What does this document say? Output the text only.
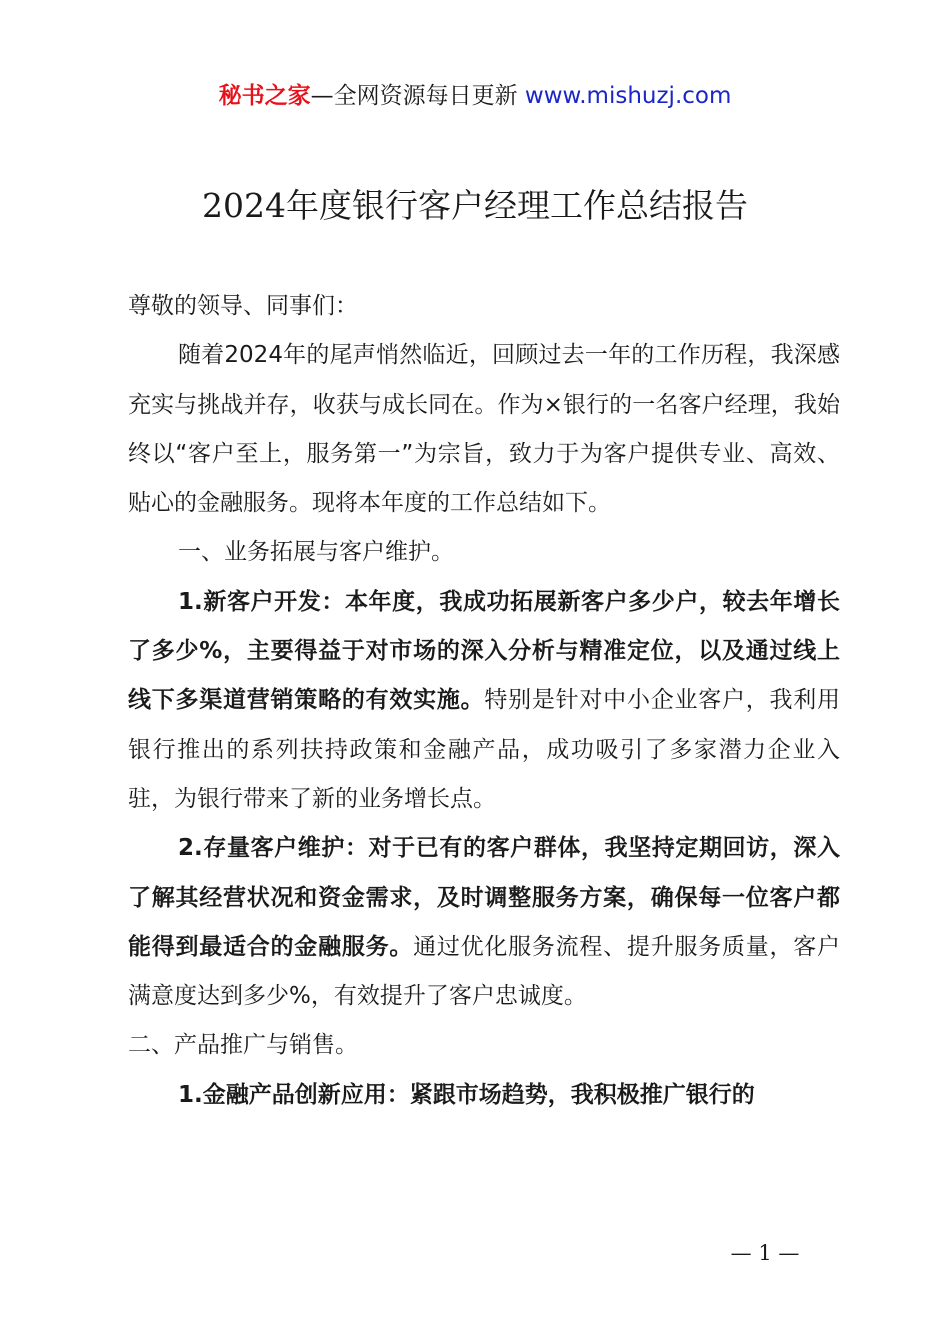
秘书之家—全网资源每日更新 www.mishuzj.com
2024年度银行客户经理工作总结报告

尊敬的领导、同事们：

随着2024年的尾声悄然临近，回顾过去一年的工作历程，我深感充实与挑战并存，收获与成长同在。作为×银行的一名客户经理，我始终以“客户至上，服务第一”为宗旨，致力于为客户提供专业、高效、贴心的金融服务。现将本年度的工作总结如下。

一、业务拓展与客户维护。

1.新客户开发：本年度，我成功拓展新客户多少户，较去年增长了多少%，主要得益于对市场的深入分析与精准定位，以及通过线上线下多渠道营销策略的有效实施。特别是针对中小企业客户，我利用银行推出的系列扶持政策和金融产品，成功吸引了多家潜力企业入驻，为银行带来了新的业务增长点。

2.存量客户维护：对于已有的客户群体，我坚持定期回访，深入了解其经营状况和资金需求，及时调整服务方案，确保每一位客户都能得到最适合的金融服务。通过优化服务流程、提升服务质量，客户满意度达到多少%，有效提升了客户忠诚度。

二、产品推广与销售。

1.金融产品创新应用：紧跟市场趋势，我积极推广银行的

— 1 —
